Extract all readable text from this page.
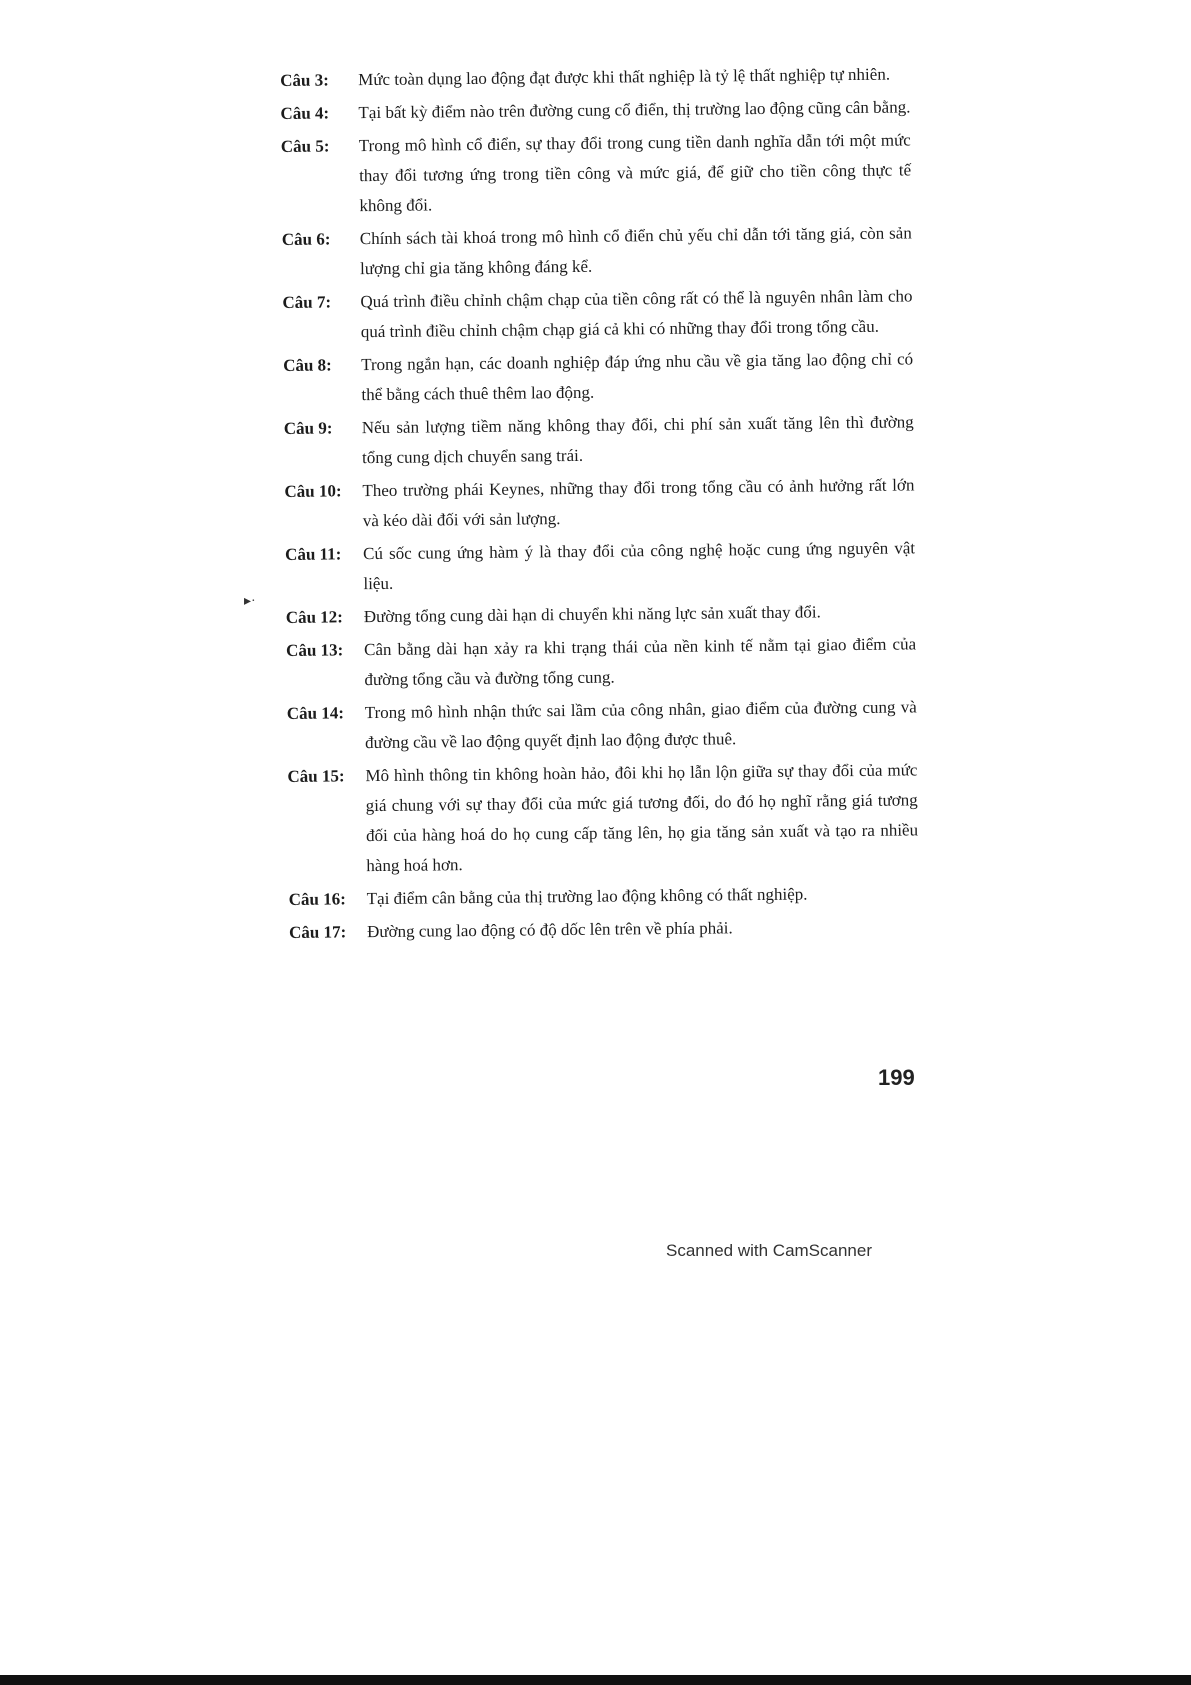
Câu 3:	Mức toàn dụng lao động đạt được khi thất nghiệp là tỷ lệ thất nghiệp tự nhiên.
Câu 4:	Tại bất kỳ điểm nào trên đường cung cổ điển, thị trường lao động cũng cân bằng.
Câu 5:	Trong mô hình cổ điển, sự thay đổi trong cung tiền danh nghĩa dẫn tới một mức thay đổi tương ứng trong tiền công và mức giá, để giữ cho tiền công thực tế không đổi.
Câu 6:	Chính sách tài khoá trong mô hình cổ điển chủ yếu chỉ dẫn tới tăng giá, còn sản lượng chỉ gia tăng không đáng kể.
Câu 7:	Quá trình điều chỉnh chậm chạp của tiền công rất có thể là nguyên nhân làm cho quá trình điều chỉnh chậm chạp giá cả khi có những thay đổi trong tổng cầu.
Câu 8:	Trong ngắn hạn, các doanh nghiệp đáp ứng nhu cầu về gia tăng lao động chỉ có thể bằng cách thuê thêm lao động.
Câu 9:	Nếu sản lượng tiềm năng không thay đổi, chi phí sản xuất tăng lên thì đường tổng cung dịch chuyển sang trái.
Câu 10:	Theo trường phái Keynes, những thay đổi trong tổng cầu có ảnh hưởng rất lớn và kéo dài đối với sản lượng.
Câu 11:	Cú sốc cung ứng hàm ý là thay đổi của công nghệ hoặc cung ứng nguyên vật liệu.
Câu 12:	Đường tổng cung dài hạn di chuyển khi năng lực sản xuất thay đổi.
Câu 13:	Cân bằng dài hạn xảy ra khi trạng thái của nền kinh tế nằm tại giao điểm của đường tổng cầu và đường tổng cung.
Câu 14:	Trong mô hình nhận thức sai lầm của công nhân, giao điểm của đường cung và đường cầu về lao động quyết định lao động được thuê.
Câu 15:	Mô hình thông tin không hoàn hảo, đôi khi họ lẫn lộn giữa sự thay đổi của mức giá chung với sự thay đổi của mức giá tương đối, do đó họ nghĩ rằng giá tương đối của hàng hoá do họ cung cấp tăng lên, họ gia tăng sản xuất và tạo ra nhiều hàng hoá hơn.
Câu 16:	Tại điểm cân bằng của thị trường lao động không có thất nghiệp.
Câu 17:	Đường cung lao động có độ dốc lên trên về phía phải.
199
▸·
Scanned with CamScanner
